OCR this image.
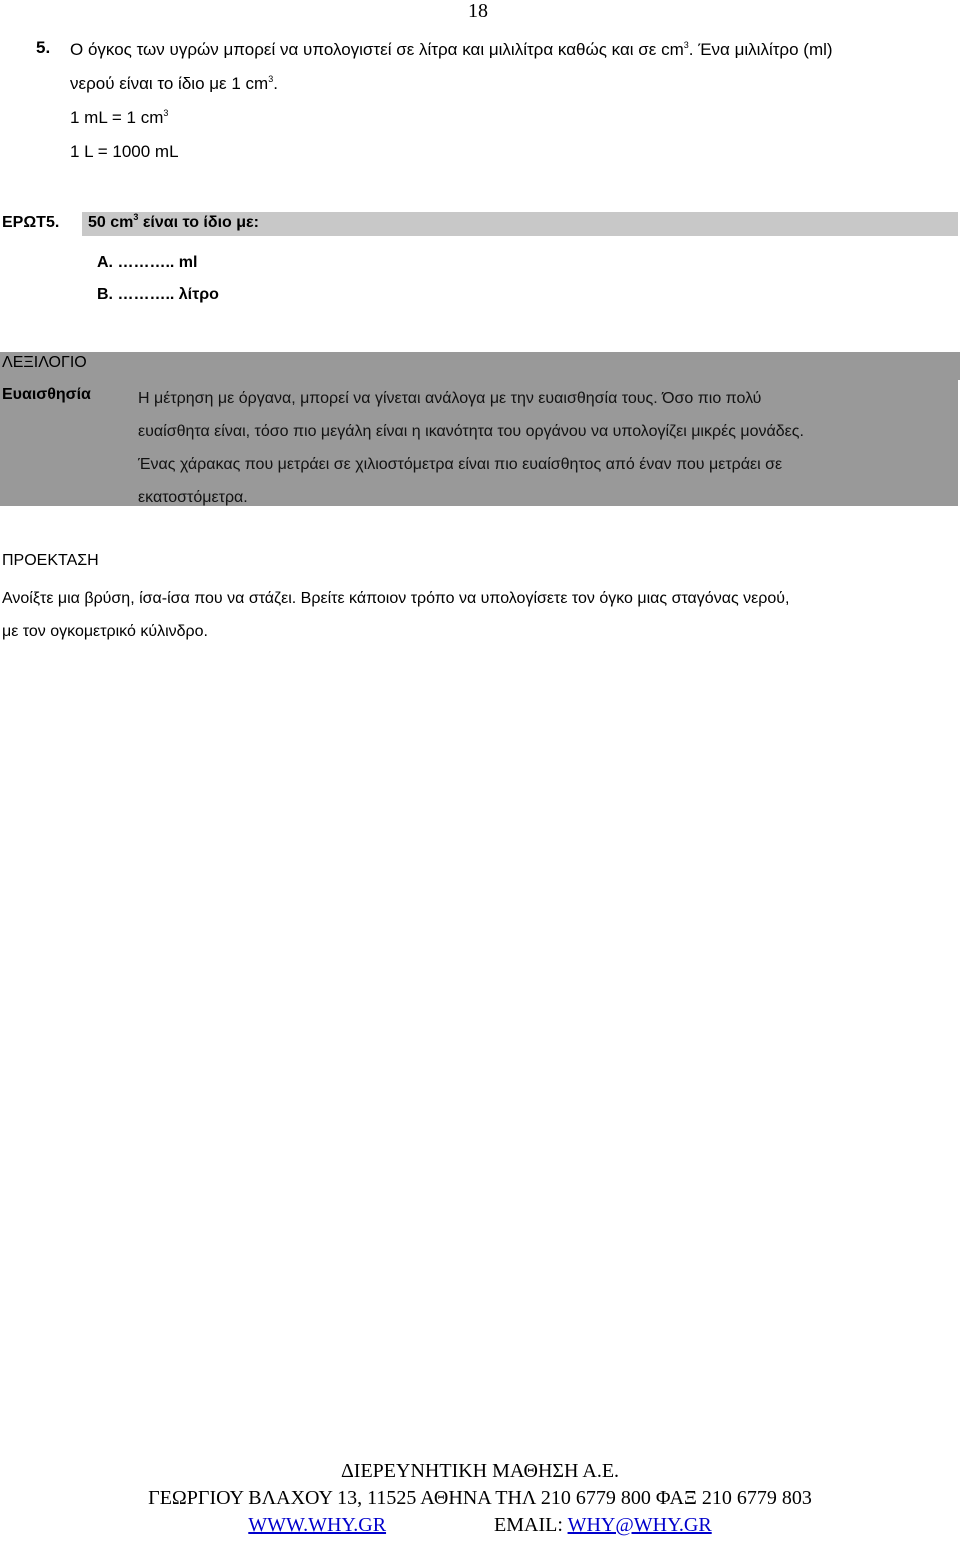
18
5. Ο όγκος των υγρών μπορεί να υπολογιστεί σε λίτρα και μιλιλίτρα καθώς και σε $cm^3$. Ένα μιλιλίτρο (ml)
νερού είναι το ίδιο με 1 $cm^3$.
1 mL = 1 $cm^3$
1 L = 1000 mL
ΕΡΩΤ5. 50 $cm^3$ είναι το ίδιο με:
Α. ……….. ml
Β. ……….. λίτρο
ΛΕΞΙΛΟΓΙΟ
Ευαισθησία	Η μέτρηση με όργανα, μπορεί να γίνεται ανάλογα με την ευαισθησία τους. Όσο πιο πολύ
ευαίσθητα είναι, τόσο πιο μεγάλη είναι η ικανότητα του οργάνου να υπολογίζει μικρές μονάδες.
Ένας χάρακας που μετράει σε χιλιοστόμετρα είναι πιο ευαίσθητος από έναν που μετράει σε
εκατοστόμετρα.
ΠΡΟΕΚΤΑΣΗ
Ανοίξτε μια βρύση, ίσα-ίσα που να στάζει. Βρείτε κάποιον τρόπο να υπολογίσετε τον όγκο μιας σταγόνας νερού,
με τον ογκομετρικό κύλινδρο.
ΔΙΕΡΕΥΝΗΤΙΚΗ ΜΑΘΗΣΗ Α.Ε.
ΓΕΩΡΓΙΟΥ ΒΛΑΧΟΥ 13, 11525 ΑΘΗΝΑ ΤΗΛ 210 6779 800 ΦΑΞ 210 6779 803
WWW.WHY.GR	EMAIL: WHY@WHY.GR
